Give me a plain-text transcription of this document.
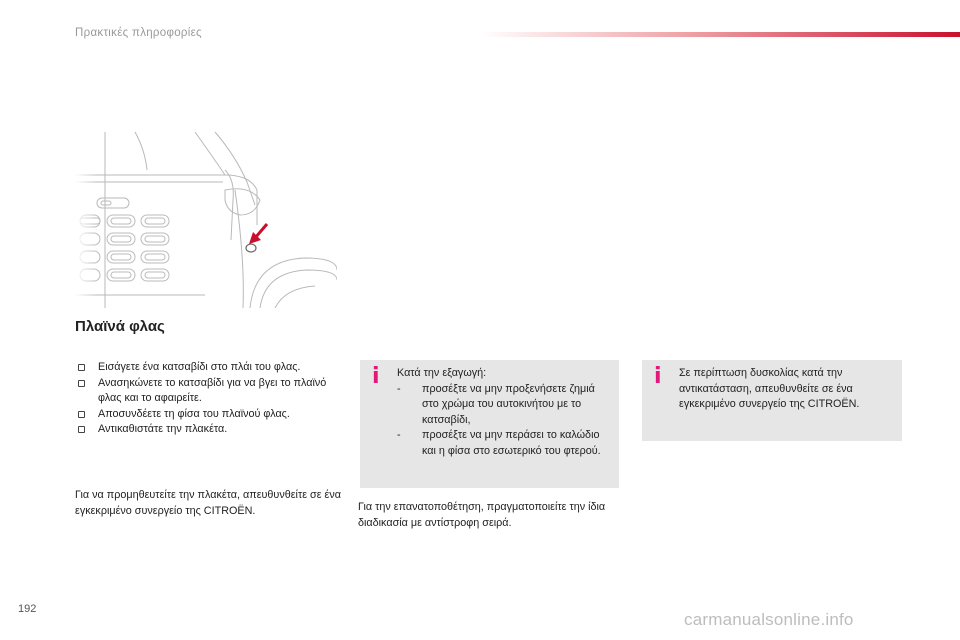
Πρακτικές πληροφορίες
Πλαϊνά φλας
Εισάγετε ένα κατσαβίδι στο πλάι του φλας.
Ανασηκώνετε το κατσαβίδι για να βγει το πλαϊνό φλας και το αφαιρείτε.
Αποσυνδέετε τη φίσα του πλαϊνού φλας.
Αντικαθιστάτε την πλακέτα.
Για να προμηθευτείτε την πλακέτα, απευθυνθείτε σε ένα εγκεκριμένο συνεργείο της CITROËN.
i Κατά την εξαγωγή:
- προσέξτε να μην προξενήσετε ζημιά στο χρώμα του αυτοκινήτου με το κατσαβίδι,
- προσέξτε να μην περάσει το καλώδιο και η φίσα στο εσωτερικό του φτερού.
Για την επανατοποθέτηση, πραγματοποιείτε την ίδια διαδικασία με αντίστροφη σειρά.
i Σε περίπτωση δυσκολίας κατά την αντικατάσταση, απευθυνθείτε σε ένα εγκεκριμένο συνεργείο της CITROËN.
192
carmanualsonline.info
